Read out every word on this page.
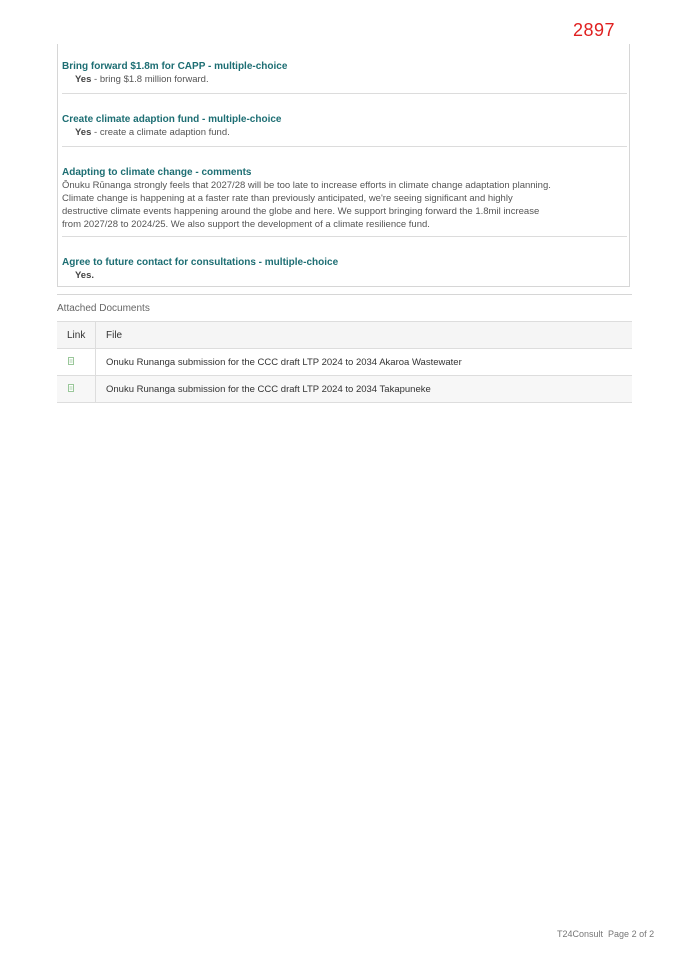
2897
Bring forward $1.8m for CAPP - multiple-choice
Yes - bring $1.8 million forward.
Create climate adaption fund - multiple-choice
Yes - create a climate adaption fund.
Adapting to climate change - comments
Ōnuku Rūnanga strongly feels that 2027/28 will be too late to increase efforts in climate change adaptation planning.
Climate change is happening at a faster rate than previously anticipated, we're seeing significant and highly
destructive climate events happening around the globe and here. We support bringing forward the 1.8mil increase
from 2027/28 to 2024/25. We also support the development of a climate resilience fund.
Agree to future contact for consultations - multiple-choice
Yes.
Attached Documents
Link	File

	Onuku Runanga submission for the CCC draft LTP 2024 to 2034 Akaroa Wastewater

	Onuku Runanga submission for the CCC draft LTP 2024 to 2034 Takapuneke
T24Consult Page 2 of 2
